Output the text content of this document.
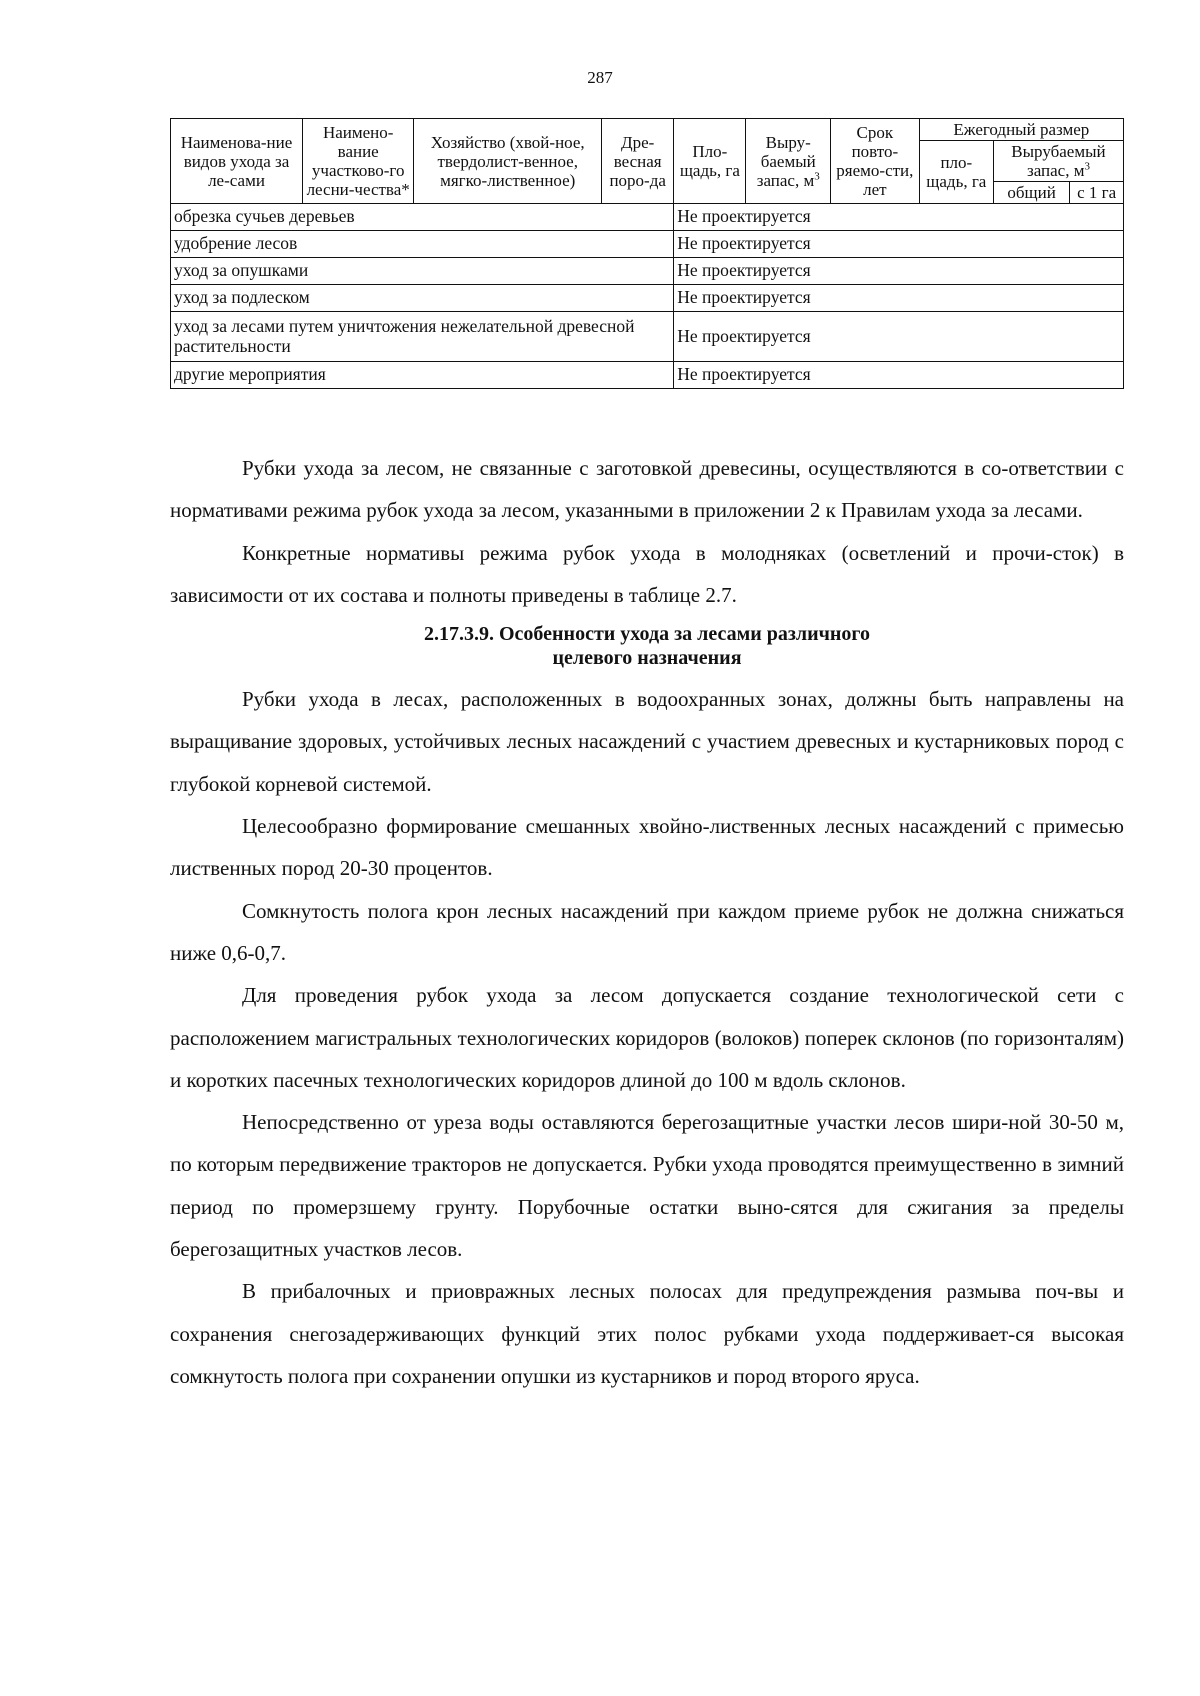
287
Наименова-ние видов ухода за ле-сами	Наимено-вание участково-го лесни-чества*	Хозяйство (хвой-ное, твердолист-венное, мягко-лиственное)	Дре-весная поро-да	Пло-щадь, га	Выру-баемый запас, $м^3$	Срок повто-ряемо-сти, лет	Ежегодный размер		
							пло-щадь, га	Вырубаемый запас, $м^3$
								общий	с 1 га
обрезка сучьев деревьев				Не проектируется					
удобрение лесов				Не проектируется					
уход за опушками				Не проектируется					
уход за подлеском				Не проектируется					
уход за лесами путем уничтожения нежелательной древесной растительности				Не проектируется					
другие мероприятия				Не проектируется					

Рубки ухода за лесом, не связанные с заготовкой древесины, осуществляются в со-ответствии с нормативами режима рубок ухода за лесом, указанными в приложении 2 к Правилам ухода за лесами.

Конкретные нормативы режима рубок ухода в молодняках (осветлений и прочи-сток) в зависимости от их состава и полноты приведены в таблице 2.7.

2.17.3.9. Особенности ухода за лесами различного
целевого назначения

Рубки ухода в лесах, расположенных в водоохранных зонах, должны быть направлены на выращивание здоровых, устойчивых лесных насаждений с участием древесных и кустарниковых пород с глубокой корневой системой.

Целесообразно формирование смешанных хвойно-лиственных лесных насаждений с примесью лиственных пород 20-30 процентов.

Сомкнутость полога крон лесных насаждений при каждом приеме рубок не должна снижаться ниже 0,6-0,7.

Для проведения рубок ухода за лесом допускается создание технологической сети с расположением магистральных технологических коридоров (волоков) поперек склонов (по горизонталям) и коротких пасечных технологических коридоров длиной до 100 м вдоль склонов.

Непосредственно от уреза воды оставляются берегозащитные участки лесов шири-ной 30-50 м, по которым передвижение тракторов не допускается. Рубки ухода проводятся преимущественно в зимний период по промерзшему грунту. Порубочные остатки выно-сятся для сжигания за пределы берегозащитных участков лесов.

В прибалочных и приовражных лесных полосах для предупреждения размыва поч-вы и сохранения снегозадерживающих функций этих полос рубками ухода поддерживает-ся высокая сомкнутость полога при сохранении опушки из кустарников и пород второго яруса.
